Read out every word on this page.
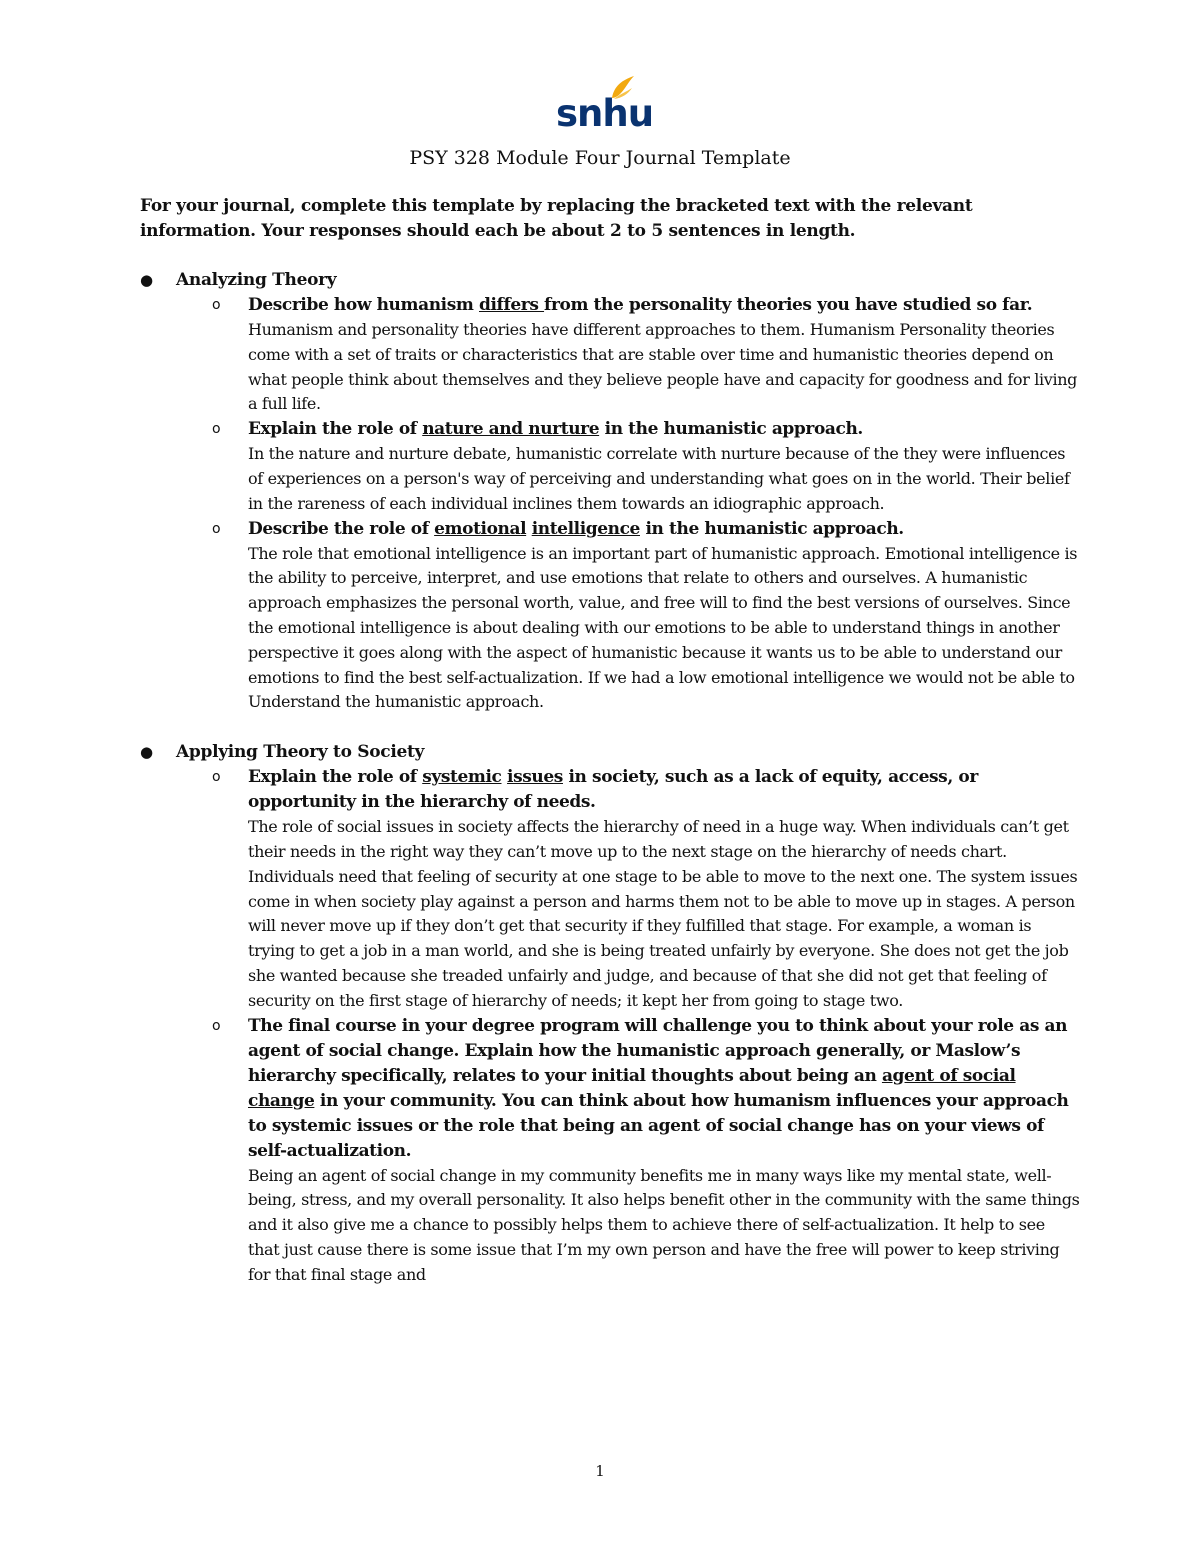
snhu
PSY 328 Module Four Journal Template

For your journal, complete this template by replacing the bracketed text with the relevant information. Your responses should each be about 2 to 5 sentences in length.

● Analyzing Theory
o Describe how humanism differs from the personality theories you have studied so far.
Humanism and personality theories have different approaches to them. Humanism Personality theories come with a set of traits or characteristics that are stable over time and humanistic theories depend on what people think about themselves and they believe people have and capacity for goodness and for living a full life.
o Explain the role of nature and nurture in the humanistic approach.
In the nature and nurture debate, humanistic correlate with nurture because of the they were influences of experiences on a person's way of perceiving and understanding what goes on in the world. Their belief in the rareness of each individual inclines them towards an idiographic approach.
o Describe the role of emotional intelligence in the humanistic approach.
The role that emotional intelligence is an important part of humanistic approach. Emotional intelligence is the ability to perceive, interpret, and use emotions that relate to others and ourselves. A humanistic approach emphasizes the personal worth, value, and free will to find the best versions of ourselves. Since the emotional intelligence is about dealing with our emotions to be able to understand things in another perspective it goes along with the aspect of humanistic because it wants us to be able to understand our emotions to find the best self-actualization. If we had a low emotional intelligence we would not be able to Understand the humanistic approach.
● Applying Theory to Society
o Explain the role of systemic issues in society, such as a lack of equity, access, or opportunity in the hierarchy of needs.
The role of social issues in society affects the hierarchy of need in a huge way. When individuals can’t get their needs in the right way they can’t move up to the next stage on the hierarchy of needs chart. Individuals need that feeling of security at one stage to be able to move to the next one. The system issues come in when society play against a person and harms them not to be able to move up in stages. A person will never move up if they don’t get that security if they fulfilled that stage. For example, a woman is trying to get a job in a man world, and she is being treated unfairly by everyone. She does not get the job she wanted because she treaded unfairly and judge, and because of that she did not get that feeling of security on the first stage of hierarchy of needs; it kept her from going to stage two.
o The final course in your degree program will challenge you to think about your role as an agent of social change. Explain how the humanistic approach generally, or Maslow’s hierarchy specifically, relates to your initial thoughts about being an agent of social change in your community. You can think about how humanism influences your approach to systemic issues or the role that being an agent of social change has on your views of self-actualization.
Being an agent of social change in my community benefits me in many ways like my mental state, well-being, stress, and my overall personality. It also helps benefit other in the community with the same things and it also give me a chance to possibly helps them to achieve there of self-actualization. It help to see that just cause there is some issue that I’m my own person and have the free will power to keep striving for that final stage and
1
